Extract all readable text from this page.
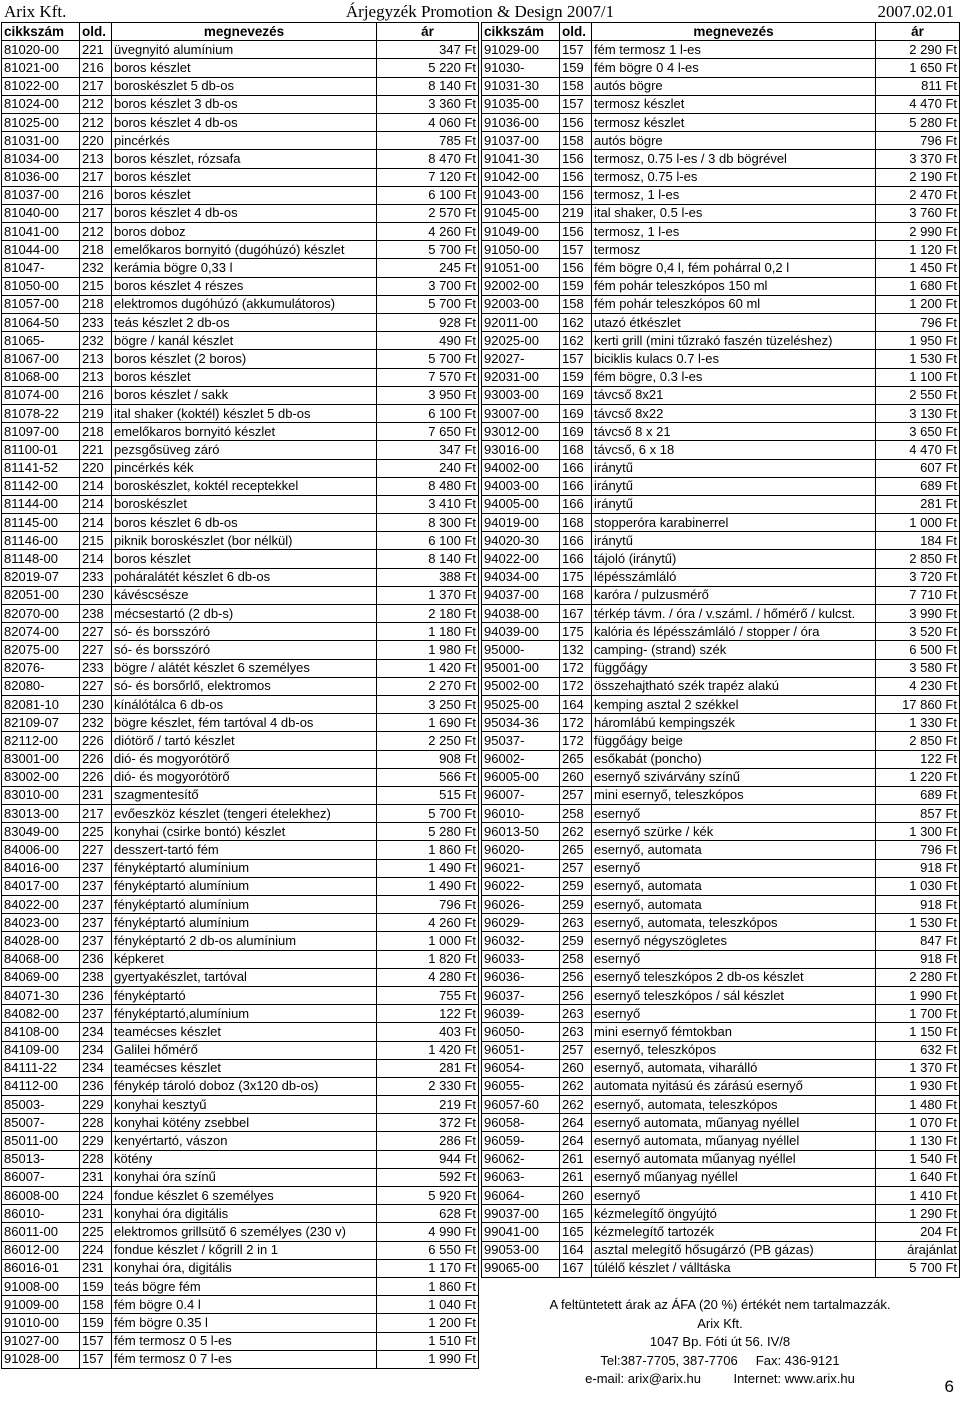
Arix Kft.	Árjegyzék Promotion & Design 2007/1	2007.02.01
cikkszám	old.	megnevezés	ár
81020-00	221	üvegnyitó alumínium	347 Ft
81021-00	216	boros készlet	5 220 Ft
81022-00	217	boroskészlet 5 db-os	8 140 Ft
81024-00	212	boros készlet 3 db-os	3 360 Ft
81025-00	212	boros készlet 4 db-os	4 060 Ft
81031-00	220	pincérkés	785 Ft
81034-00	213	boros készlet, rózsafa	8 470 Ft
81036-00	217	boros készlet	7 120 Ft
81037-00	216	boros készlet	6 100 Ft
81040-00	217	boros készlet 4 db-os	2 570 Ft
81041-00	212	boros doboz	4 260 Ft
81044-00	218	emelőkaros bornyitó (dugóhúzó) készlet	5 700 Ft
81047-	232	kerámia bögre 0,33 l	245 Ft
81050-00	215	boros készlet 4 részes	3 700 Ft
81057-00	218	elektromos dugóhúzó (akkumulátoros)	5 700 Ft
81064-50	233	teás készlet 2 db-os	928 Ft
81065-	232	bögre / kanál készlet	490 Ft
81067-00	213	boros készlet (2 boros)	5 700 Ft
81068-00	213	boros készlet	7 570 Ft
81074-00	216	boros készlet / sakk	3 950 Ft
81078-22	219	ital shaker (koktél) készlet 5 db-os	6 100 Ft
81097-00	218	emelőkaros bornyitó készlet	7 650 Ft
81100-01	221	pezsgősüveg záró	347 Ft
81141-52	220	pincérkés kék	240 Ft
81142-00	214	boroskészlet, koktél receptekkel	8 480 Ft
81144-00	214	boroskészlet	3 410 Ft
81145-00	214	boros készlet 6 db-os	8 300 Ft
81146-00	215	piknik boroskészlet (bor nélkül)	6 100 Ft
81148-00	214	boros készlet	8 140 Ft
82019-07	233	poháralátét készlet 6 db-os	388 Ft
82051-00	230	kávéscsésze	1 370 Ft
82070-00	238	mécsestartó (2 db-s)	2 180 Ft
82074-00	227	só- és borsszóró	1 180 Ft
82075-00	227	só- és borsszóró	1 980 Ft
82076-	233	bögre / alátét készlet 6 személyes	1 420 Ft
82080-	227	só- és borsőrlő, elektromos	2 270 Ft
82081-10	230	kínálótálca 6 db-os	3 250 Ft
82109-07	232	bögre készlet, fém tartóval 4 db-os	1 690 Ft
82112-00	226	diótörő / tartó készlet	2 250 Ft
83001-00	226	dió- és mogyorótörő	908 Ft
83002-00	226	dió- és mogyorótörő	566 Ft
83010-00	231	szagmentesítő	515 Ft
83013-00	217	evőeszköz készlet (tengeri ételekhez)	5 700 Ft
83049-00	225	konyhai (csirke bontó) készlet	5 280 Ft
84006-00	227	desszert-tartó fém	1 860 Ft
84016-00	237	fényképtartó alumínium	1 490 Ft
84017-00	237	fényképtartó alumínium	1 490 Ft
84022-00	237	fényképtartó alumínium	796 Ft
84023-00	237	fényképtartó alumínium	4 260 Ft
84028-00	237	fényképtartó 2 db-os alumínium	1 000 Ft
84068-00	236	képkeret	1 820 Ft
84069-00	238	gyertyakészlet, tartóval	4 280 Ft
84071-30	236	fényképtartó	755 Ft
84082-00	237	fényképtartó,alumínium	122 Ft
84108-00	234	teamécses készlet	403 Ft
84109-00	234	Galilei hőmérő	1 420 Ft
84111-22	234	teamécses készlet	281 Ft
84112-00	236	fénykép tároló doboz (3x120 db-os)	2 330 Ft
85003-	229	konyhai kesztyű	219 Ft
85007-	228	konyhai kötény zsebbel	372 Ft
85011-00	229	kenyértartó, vászon	286 Ft
85013-	228	kötény	944 Ft
86007-	231	konyhai óra színű	592 Ft
86008-00	224	fondue készlet 6 személyes	5 920 Ft
86010-	231	konyhai óra digitális	628 Ft
86011-00	225	elektromos grillsütő 6 személyes (230 v)	4 990 Ft
86012-00	224	fondue készlet / kőgrill 2 in 1	6 550 Ft
86016-01	231	konyhai óra, digitális	1 170 Ft
91008-00	159	teás bögre fém	1 860 Ft
91009-00	158	fém bögre 0.4 l	1 040 Ft
91010-00	159	fém bögre 0.35 l	1 200 Ft
91027-00	157	fém termosz 0 5 l-es	1 510 Ft
91028-00	157	fém termosz 0 7 l-es	1 990 Ft
cikkszám	old.	megnevezés	ár
91029-00	157	fém termosz 1 l-es	2 290 Ft
91030-	159	fém bögre 0 4 l-es	1 650 Ft
91031-30	158	autós bögre	811 Ft
91035-00	157	termosz készlet	4 470 Ft
91036-00	156	termosz készlet	5 280 Ft
91037-00	158	autós bögre	796 Ft
91041-30	156	termosz, 0.75 l-es / 3 db bögrével	3 370 Ft
91042-00	156	termosz, 0.75 l-es	2 190 Ft
91043-00	156	termosz, 1 l-es	2 470 Ft
91045-00	219	ital shaker, 0.5 l-es	3 760 Ft
91049-00	156	termosz, 1 l-es	2 990 Ft
91050-00	157	termosz	1 120 Ft
91051-00	156	fém bögre 0,4 l, fém pohárral 0,2 l	1 450 Ft
92002-00	159	fém pohár teleszkópos 150 ml	1 680 Ft
92003-00	158	fém pohár teleszkópos 60 ml	1 200 Ft
92011-00	162	utazó étkészlet	796 Ft
92025-00	162	kerti grill (mini tűzrakó faszén tüzeléshez)	1 950 Ft
92027-	157	biciklis kulacs 0.7 l-es	1 530 Ft
92031-00	159	fém bögre, 0.3 l-es	1 100 Ft
93003-00	169	távcső 8x21	2 550 Ft
93007-00	169	távcső 8x22	3 130 Ft
93012-00	169	távcső 8 x 21	3 650 Ft
93016-00	168	távcső, 6 x 18	4 470 Ft
94002-00	166	iránytű	607 Ft
94003-00	166	iránytű	689 Ft
94005-00	166	iránytű	281 Ft
94019-00	168	stopperóra karabinerrel	1 000 Ft
94020-30	166	iránytű	184 Ft
94022-00	166	tájoló (iránytű)	2 850 Ft
94034-00	175	lépésszámláló	3 720 Ft
94037-00	168	karóra / pulzusmérő	7 710 Ft
94038-00	167	térkép távm. / óra / v.száml. / hőmérő / kulcst.	3 990 Ft
94039-00	175	kalória és lépésszámláló / stopper / óra	3 520 Ft
95000-	132	camping- (strand) szék	6 500 Ft
95001-00	172	függőágy	3 580 Ft
95002-00	172	összehajtható szék trapéz alakú	4 230 Ft
95025-00	164	kemping asztal 2 székkel	17 860 Ft
95034-36	172	háromlábú kempingszék	1 330 Ft
95037-	172	függőágy beige	2 850 Ft
96002-	265	esőkabát (poncho)	122 Ft
96005-00	260	esernyő szivárvány színű	1 220 Ft
96007-	257	mini esernyő, teleszkópos	689 Ft
96010-	258	esernyő	857 Ft
96013-50	262	esernyő szürke / kék	1 300 Ft
96020-	265	esernyő, automata	796 Ft
96021-	257	esernyő	918 Ft
96022-	259	esernyő, automata	1 030 Ft
96026-	259	esernyő, automata	918 Ft
96029-	263	esernyő, automata, teleszkópos	1 530 Ft
96032-	259	esernyő négyszögletes	847 Ft
96033-	258	esernyő	918 Ft
96036-	256	esernyő teleszkópos 2 db-os készlet	2 280 Ft
96037-	256	esernyő teleszkópos / sál készlet	1 990 Ft
96039-	263	esernyő	1 700 Ft
96050-	263	mini esernyő fémtokban	1 150 Ft
96051-	257	esernyő, teleszkópos	632 Ft
96054-	260	esernyő, automata, viharálló	1 370 Ft
96055-	262	automata nyitású és zárású esernyő	1 930 Ft
96057-60	262	esernyő, automata, teleszkópos	1 480 Ft
96058-	264	esernyő automata, műanyag nyéllel	1 070 Ft
96059-	264	esernyő automata, műanyag nyéllel	1 130 Ft
96062-	261	esernyő automata műanyag nyéllel	1 540 Ft
96063-	261	esernyő műanyag nyéllel	1 640 Ft
96064-	260	esernyő	1 410 Ft
99037-00	165	kézmelegítő öngyújtó	1 290 Ft
99041-00	165	kézmelegítő tartozék	204 Ft
99053-00	164	asztal melegítő hősugárzó (PB gázas)	árajánlat
99065-00	167	túlélő készlet / válltáska	5 700 Ft
A feltüntetett árak az ÁFA (20 %) értékét nem tartalmazzák.
Arix Kft.
1047 Bp. Fóti út 56. IV/8
Tel:387-7705, 387-7706 Fax: 436-9121
e-mail: arix@arix.hu	Internet: www.arix.hu	6
